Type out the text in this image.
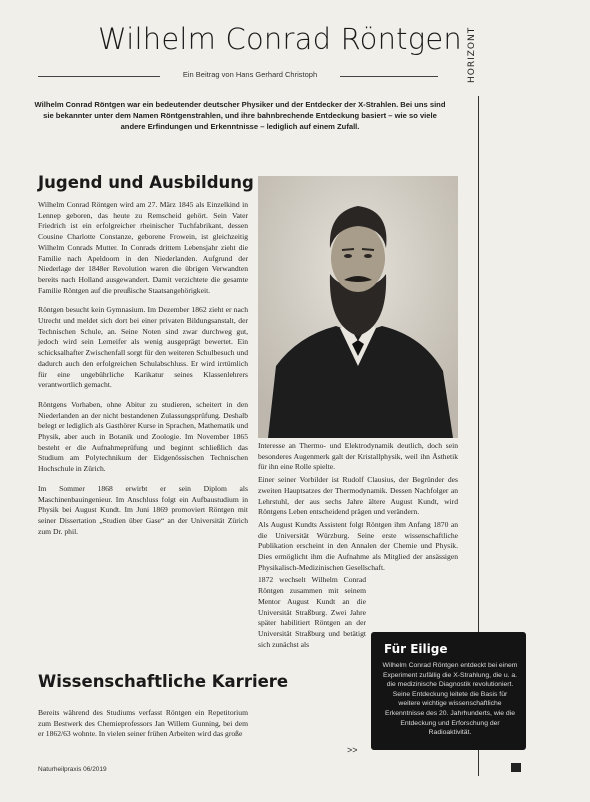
Wilhelm Conrad Röntgen HORIZONT
Ein Beitrag von Hans Gerhard Christoph
Wilhelm Conrad Röntgen war ein bedeutender deutscher Physiker und der Entdecker der X-Strahlen. Bei uns sind sie bekannter unter dem Namen Röntgenstrahlen, und ihre bahnbrechende Entdeckung basiert – wie so viele andere Erfindungen und Erkenntnisse – lediglich auf einem Zufall.
Jugend und Ausbildung

Wilhelm Conrad Röntgen wird am 27. März 1845 als Einzelkind in Lennep geboren, das heute zu Remscheid gehört. Sein Vater Friedrich ist ein erfolgreicher rheinischer Tuchfabrikant, dessen Cousine Charlotte Constanze, geborene Frowein, ist gleichzeitig Wilhelm Conrads Mutter. In Conrads drittem Lebensjahr zieht die Familie nach Apeldoorn in den Niederlanden. Aufgrund der Niederlage der 1848er Revolution waren die übrigen Verwandten bereits nach Holland ausgewandert. Damit verzichtete die gesamte Familie Röntgen auf die preußische Staatsangehörigkeit.

Röntgen besucht kein Gymnasium. Im Dezember 1862 zieht er nach Utrecht und meldet sich dort bei einer privaten Bildungsanstalt, der Technischen Schule, an. Seine Noten sind zwar durchweg gut, jedoch wird sein Lerneifer als wenig ausgeprägt bewertet. Ein schicksalhafter Zwischenfall sorgt für den weiteren Schulbesuch und dadurch auch den erfolgreichen Schulabschluss. Er wird irrtümlich für eine ungebührliche Karikatur seines Klassenlehrers verantwortlich gemacht.

Röntgens Vorhaben, ohne Abitur zu studieren, scheitert in den Niederlanden an der nicht bestandenen Zulassungsprüfung. Deshalb belegt er lediglich als Gasthörer Kurse in Sprachen, Mathematik und Physik, aber auch in Botanik und Zoologie. Im November 1865 besteht er die Aufnahmeprüfung und beginnt schließlich das Studium am Polytechnikum der Eidgenössischen Technischen Hochschule in Zürich.

Im Sommer 1868 erwirbt er sein Diplom als Maschinenbauingenieur. Im Anschluss folgt ein Aufbaustudium in Physik bei August Kundt. Im Juni 1869 promoviert Röntgen mit seiner Dissertation „Studien über Gase“ an der Universität Zürich zum Dr. phil.

Wissenschaftliche Karriere

Bereits während des Studiums verfasst Röntgen ein Repetitorium zum Bestwerk des Chemieprofessors Jan Willem Gunning, bei dem er 1862/63 wohnte. In vielen seiner frühen Arbeiten wird das große

Interesse an Thermo- und Elektrodynamik deutlich, doch sein besonderes Augenmerk galt der Kristallphysik, weil ihn Ästhetik für ihn eine Rolle spielte.

Einer seiner Vorbilder ist Rudolf Clausius, der Begründer des zweiten Hauptsatzes der Thermodynamik. Dessen Nachfolger an Lehrstuhl, der aus sechs Jahre ältere August Kundt, wird Röntgens Leben entscheidend prägen und verändern.

Als August Kundts Assistent folgt Röntgen ihm Anfang 1870 an die Universität Würzburg. Seine erste wissenschaftliche Publikation erscheint in den Annalen der Chemie und Physik. Dies ermöglicht ihm die Aufnahme als Mitglied der ansässigen Physikalisch-Medizinischen Gesellschaft.

1872 wechselt Wilhelm Conrad Röntgen zusammen mit seinem Mentor August Kundt an die Universität Straßburg. Zwei Jahre später habilitiert Röntgen an der Universität Straßburg und betätigt sich zunächst als

>>
Für Eilige
Wilhelm Conrad Röntgen entdeckt bei einem Experiment zufällig die X-Strahlung, die u. a. die medizinische Diagnostik revolutioniert. Seine Entdeckung leitete die Basis für weitere wichtige wissenschaftliche Erkenntnisse des 20. Jahrhunderts, wie die Entdeckung und Erforschung der Radioaktivität.
Naturheilpraxis 06/2019
